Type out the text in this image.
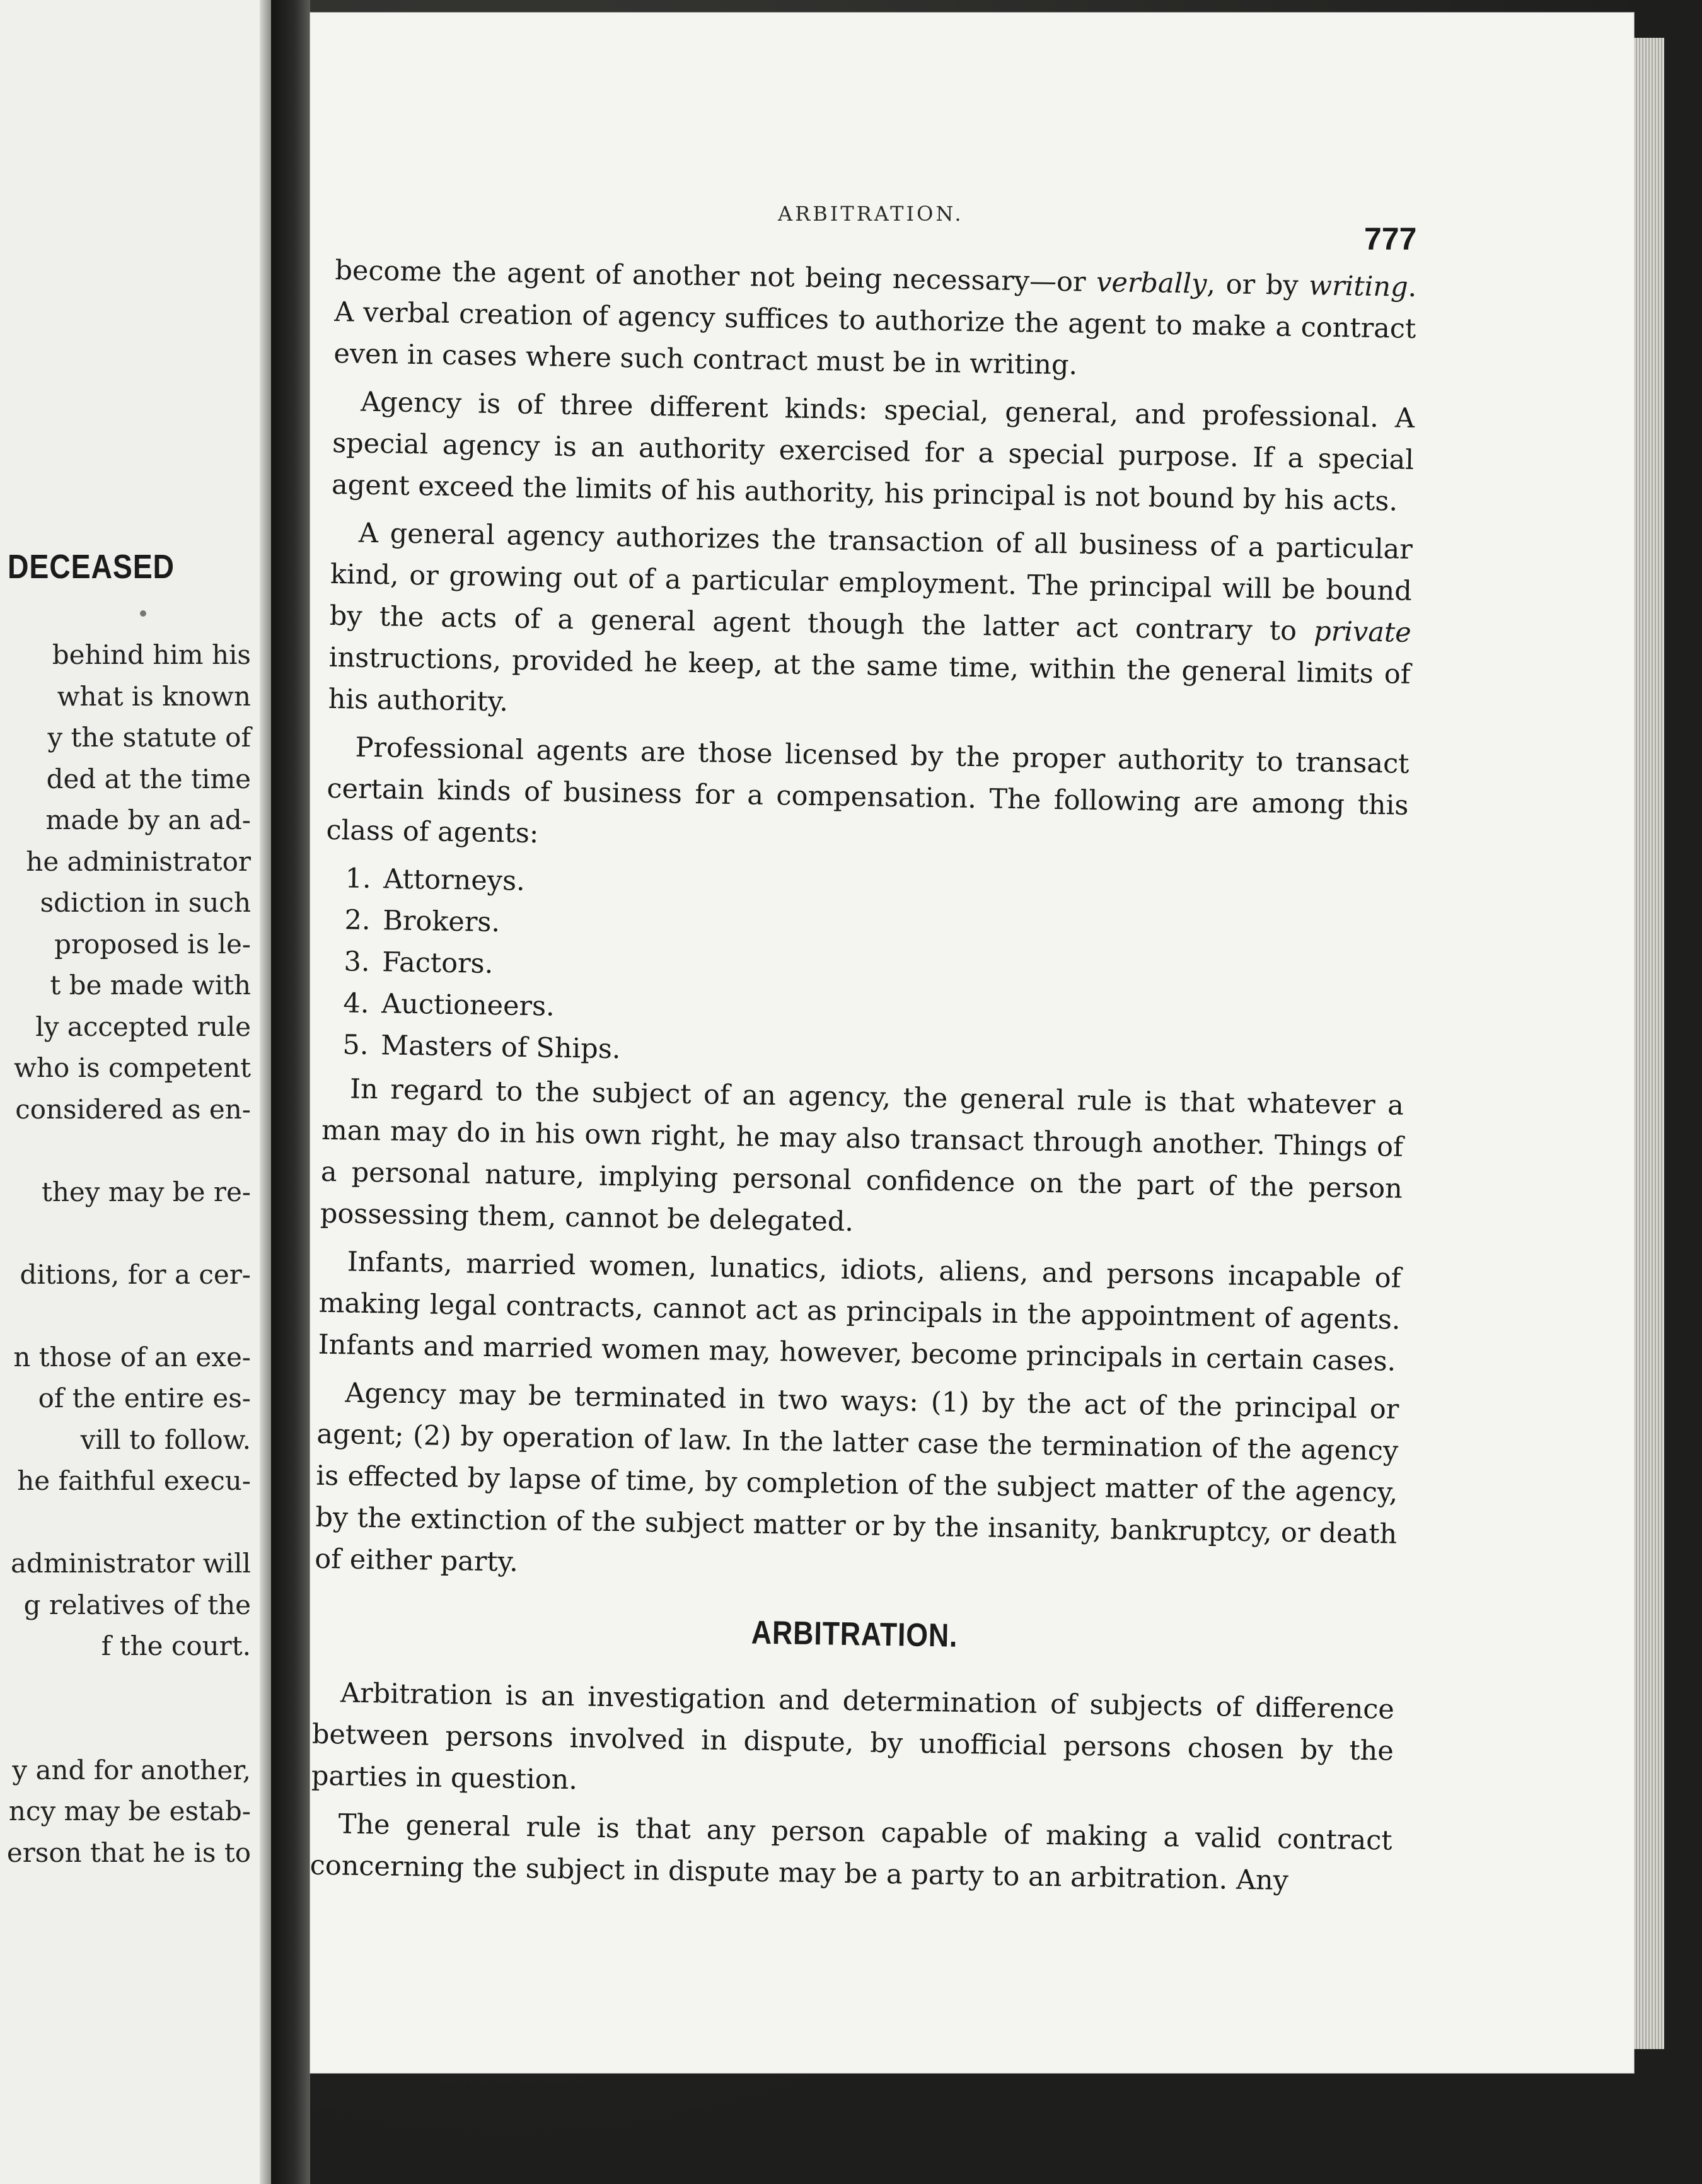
DECEASED
behind him his
what is known
y the statute of
ded at the time
made by an ad-
he administrator
sdiction in such
proposed is le-
t be made with
ly accepted rule
who is competent
considered as en-
they may be re-
ditions, for a cer-
n those of an exe-
of the entire es-
vill to follow.
he faithful execu-
administrator will
g relatives of the
f the court.
y and for another,
ncy may be estab-
erson that he is to
ARBITRATION.
777

become the agent of another not being necessary—or verbally, or by writing. A verbal creation of agency suffices to authorize the agent to make a contract even in cases where such contract must be in writing.

Agency is of three different kinds: special, general, and professional. A special agency is an authority exercised for a special purpose. If a special agent exceed the limits of his authority, his principal is not bound by his acts.

A general agency authorizes the transaction of all business of a particular kind, or growing out of a particular employment. The principal will be bound by the acts of a general agent though the latter act contrary to private instructions, provided he keep, at the same time, within the general limits of his authority.

Professional agents are those licensed by the proper authority to transact certain kinds of business for a compensation. The following are among this class of agents:

1. Attorneys.
2. Brokers.
3. Factors.
4. Auctioneers.
5. Masters of Ships.

In regard to the subject of an agency, the general rule is that whatever a man may do in his own right, he may also transact through another. Things of a personal nature, implying personal confidence on the part of the person possessing them, cannot be delegated.

Infants, married women, lunatics, idiots, aliens, and persons incapable of making legal contracts, cannot act as principals in the appointment of agents. Infants and married women may, however, become principals in certain cases.

Agency may be terminated in two ways: (1) by the act of the principal or agent; (2) by operation of law. In the latter case the termination of the agency is effected by lapse of time, by completion of the subject matter of the agency, by the extinction of the subject matter or by the insanity, bankruptcy, or death of either party.

ARBITRATION.

Arbitration is an investigation and determination of subjects of difference between persons involved in dispute, by unofficial persons chosen by the parties in question.

The general rule is that any person capable of making a valid contract concerning the subject in dispute may be a party to an arbitration. Any
